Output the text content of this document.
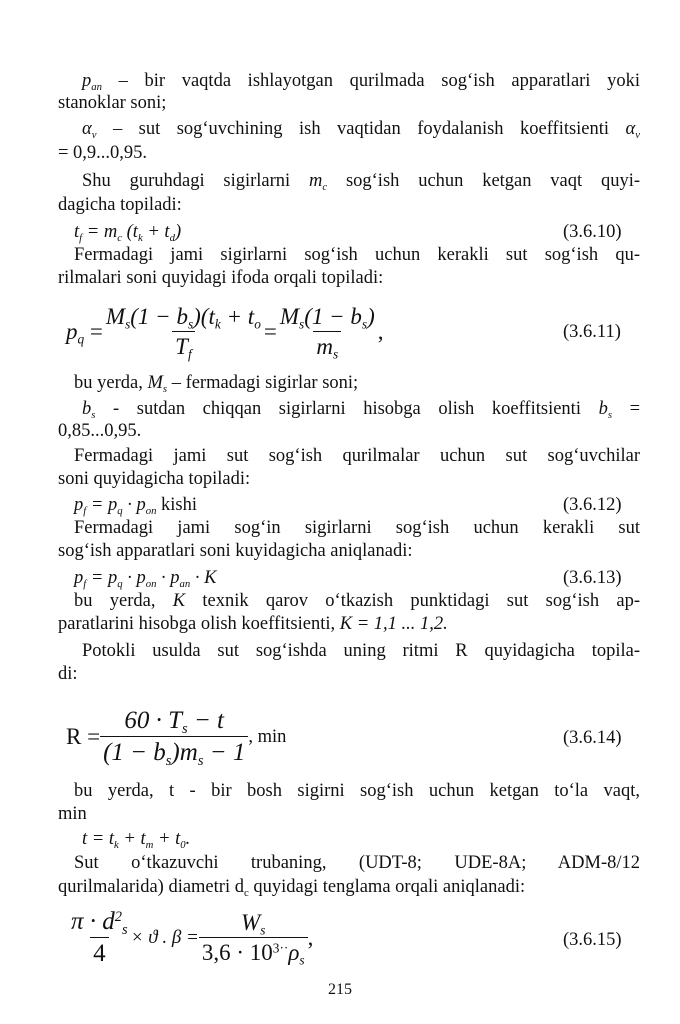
$p_{an}$ – bir vaqtda ishlayotgan qurilmada sog‘ish apparatlari yoki
stanoklar soni;
$\alpha_v$ – sut sog‘uvchining ish vaqtidan foydalanish koeffitsienti $\alpha_v$
= 0,9...0,95.
Shu guruhdagi sigirlarni $m_c$ sog‘ish uchun ketgan vaqt quyi-
dagicha topiladi:
$t_f = m_c$ $(t_k + t_d)$	(3.6.10)
Fermadagi jami sigirlarni sog‘ish uchun kerakli sut sog‘ish qu-
rilmalari soni quyidagi ifoda orqali topiladi:
$p_q = \frac{M_s(1 - b_s)(t_k + t_o}{T_f} = \frac{M_s(1 - b_s)}{m_s}$ ,	(3.6.11)
bu yerda, $M_s$ – fermadagi sigirlar soni;
$b_s$ - sutdan chiqqan sigirlarni hisobga olish koeffitsienti $b_s$ =
0,85...0,95.
Fermadagi jami sut sog‘ish qurilmalar uchun sut sog‘uvchilar
soni quyidagicha topiladi:
$p_f = p_q \cdot p_{on}$ kishi	(3.6.12)
Fermadagi jami sog‘in sigirlarni sog‘ish uchun kerakli sut
sog‘ish apparatlari soni kuyidagicha aniqlanadi:
$p_f = p_q \cdot p_{on} \cdot p_{an} \cdot K$	(3.6.13)
bu yerda, K texnik qarov o‘tkazish punktidagi sut sog‘ish ap-
paratlarini hisobga olish koeffitsienti, K = 1,1 ... 1,2.
Potokli usulda sut sog‘ishda uning ritmi R quyidagicha topila-
di:
$R = \frac{60 \cdot T_s - t}{(1 - b_s)m_s - 1}$ , min	(3.6.14)
bu yerda, t - bir bosh sigirni sog‘ish uchun ketgan to‘la vaqt,
min
$t = t_k + t_m + t_0$.
Sut o‘tkazuvchi trubaning, (UDT-8; UDE-8A; ADM-8/12
qurilmalarida) diametri $d_c$ quyidagi tenglama orqali aniqlanadi:
$\frac{\pi \cdot d^2_s}{4} \times ϑ$ . $\beta = \frac{W_s}{3,6 \cdot 10^{3\cdot\cdot}\rho_s}$ ,	(3.6.15)
215
